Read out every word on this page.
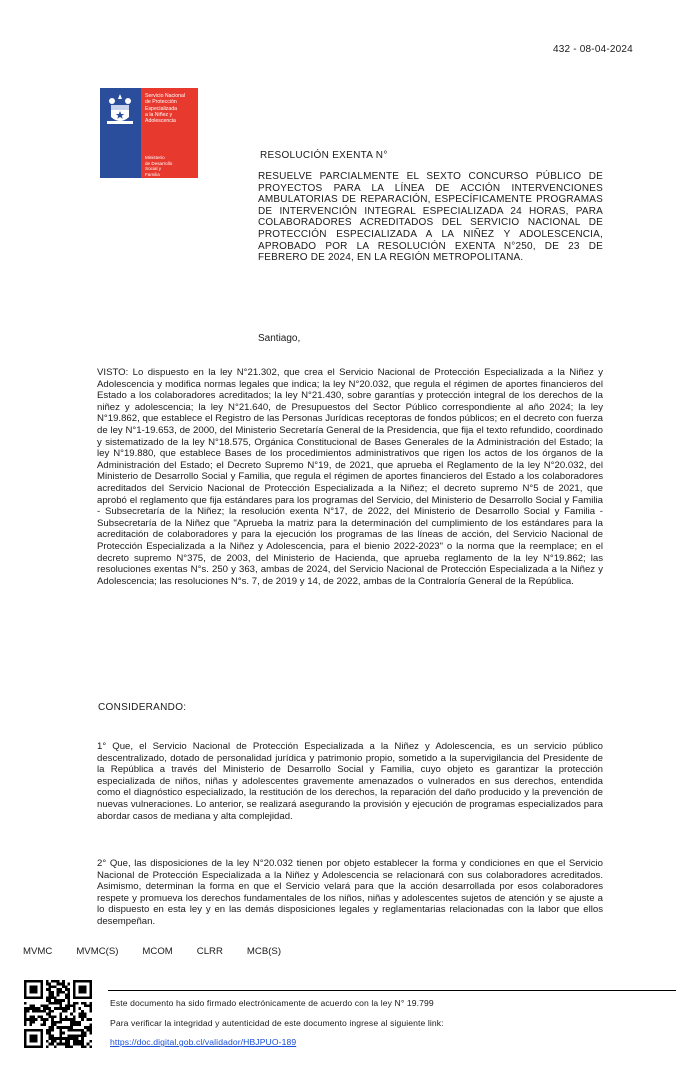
432 - 08-04-2024
Servicio Nacional
de Protección
Especializada
a la Niñez y
Adolescencia
Ministerio
de Desarrollo
Social y
Familia
RESOLUCIÓN EXENTA N°
RESUELVE PARCIALMENTE EL SEXTO CONCURSO PÚBLICO DE PROYECTOS PARA LA LÍNEA DE ACCIÓN INTERVENCIONES AMBULATORIAS DE REPARACIÓN, ESPECÍFICAMENTE PROGRAMAS DE INTERVENCIÓN INTEGRAL ESPECIALIZADA 24 HORAS, PARA COLABORADORES ACREDITADOS DEL SERVICIO NACIONAL DE PROTECCIÓN ESPECIALIZADA A LA NIÑEZ Y ADOLESCENCIA, APROBADO POR LA RESOLUCIÓN EXENTA N°250, DE 23 DE FEBRERO DE 2024, EN LA REGIÓN METROPOLITANA.
Santiago,
VISTO: Lo dispuesto en la ley N°21.302, que crea el Servicio Nacional de Protección Especializada a la Niñez y Adolescencia y modifica normas legales que indica; la ley N°20.032, que regula el régimen de aportes financieros del Estado a los colaboradores acreditados; la ley N°21.430, sobre garantías y protección integral de los derechos de la niñez y adolescencia; la ley N°21.640, de Presupuestos del Sector Público correspondiente al año 2024; la ley N°19.862, que establece el Registro de las Personas Jurídicas receptoras de fondos públicos; en el decreto con fuerza de ley N°1-19.653, de 2000, del Ministerio Secretaría General de la Presidencia, que fija el texto refundido, coordinado y sistematizado de la ley N°18.575, Orgánica Constitucional de Bases Generales de la Administración del Estado; la ley N°19.880, que establece Bases de los procedimientos administrativos que rigen los actos de los órganos de la Administración del Estado; el Decreto Supremo N°19, de 2021, que aprueba el Reglamento de la ley N°20.032, del Ministerio de Desarrollo Social y Familia, que regula el régimen de aportes financieros del Estado a los colaboradores acreditados del Servicio Nacional de Protección Especializada a la Niñez; el decreto supremo N°5 de 2021, que aprobó el reglamento que fija estándares para los programas del Servicio, del Ministerio de Desarrollo Social y Familia - Subsecretaría de la Niñez; la resolución exenta N°17, de 2022, del Ministerio de Desarrollo Social y Familia - Subsecretaría de la Niñez que "Aprueba la matriz para la determinación del cumplimiento de los estándares para la acreditación de colaboradores y para la ejecución los programas de las líneas de acción, del Servicio Nacional de Protección Especializada a la Niñez y Adolescencia, para el bienio 2022-2023" o la norma que la reemplace; en el decreto supremo N°375, de 2003, del Ministerio de Hacienda, que aprueba reglamento de la ley N°19.862; las resoluciones exentas N°s. 250 y 363, ambas de 2024, del Servicio Nacional de Protección Especializada a la Niñez y Adolescencia; las resoluciones N°s. 7, de 2019 y 14, de 2022, ambas de la Contraloría General de la República.
CONSIDERANDO:
1° Que, el Servicio Nacional de Protección Especializada a la Niñez y Adolescencia, es un servicio público descentralizado, dotado de personalidad jurídica y patrimonio propio, sometido a la supervigilancia del Presidente de la República a través del Ministerio de Desarrollo Social y Familia, cuyo objeto es garantizar la protección especializada de niños, niñas y adolescentes gravemente amenazados o vulnerados en sus derechos, entendida como el diagnóstico especializado, la restitución de los derechos, la reparación del daño producido y la prevención de nuevas vulneraciones. Lo anterior, se realizará asegurando la provisión y ejecución de programas especializados para abordar casos de mediana y alta complejidad.
2° Que, las disposiciones de la ley N°20.032 tienen por objeto establecer la forma y condiciones en que el Servicio Nacional de Protección Especializada a la Niñez y Adolescencia se relacionará con sus colaboradores acreditados. Asimismo, determinan la forma en que el Servicio velará para que la acción desarrollada por esos colaboradores respete y promueva los derechos fundamentales de los niños, niñas y adolescentes sujetos de atención y se ajuste a lo dispuesto en esta ley y en las demás disposiciones legales y reglamentarias relacionadas con la labor que ellos desempeñan.
MVMC	MVMC(S)	MCOM	CLRR	MCB(S)
Este documento ha sido firmado electrónicamente de acuerdo con la ley N° 19.799
Para verificar la integridad y autenticidad de este documento ingrese al siguiente link:
https://doc.digital.gob.cl/validador/HBJPUO-189
